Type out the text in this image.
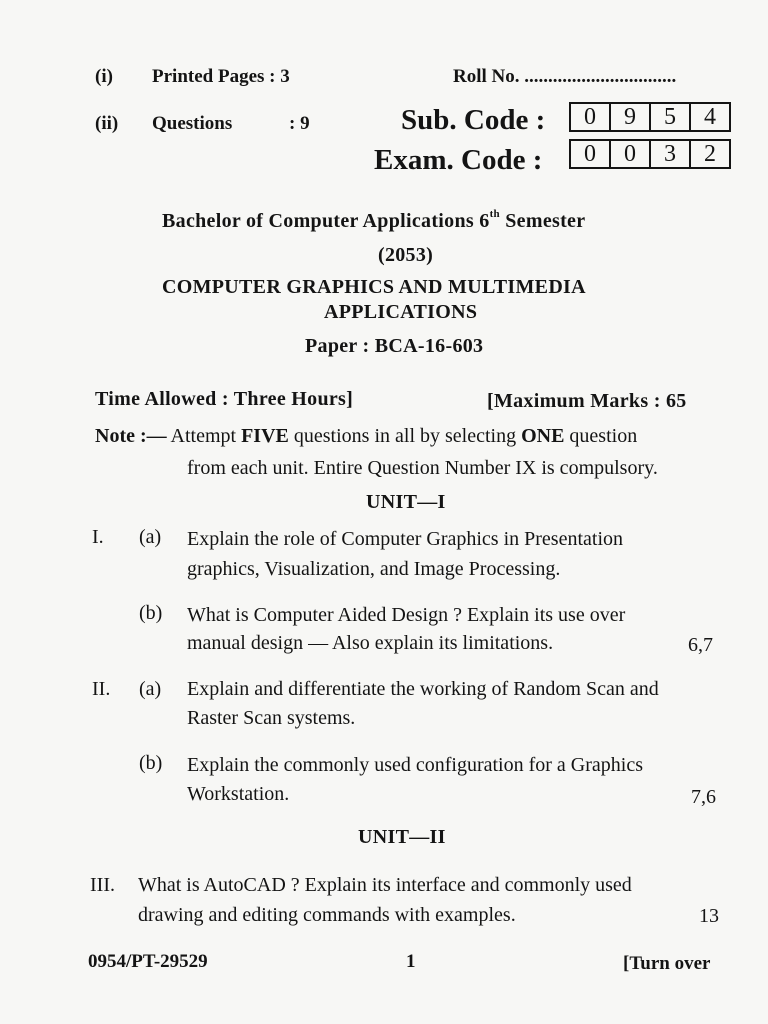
(i) Printed Pages : 3
(ii) Questions	: 9
Roll No. ................................
Sub. Code :	0	9	5	4
Exam. Code :	0	0	3	2
Bachelor of Computer Applications 6th Semester
(2053)
COMPUTER GRAPHICS AND MULTIMEDIA
APPLICATIONS
Paper : BCA-16-603
Time Allowed : Three Hours]	[Maximum Marks : 65
Note :— Attempt FIVE questions in all by selecting ONE question
from each unit. Entire Question Number IX is compulsory.
UNIT—I
I. (a) Explain the role of Computer Graphics in Presentation
graphics, Visualization, and Image Processing.
(b) What is Computer Aided Design ? Explain its use over
manual design — Also explain its limitations.	6,7
II. (a) Explain and differentiate the working of Random Scan and
Raster Scan systems.
(b) Explain the commonly used configuration for a Graphics
Workstation.	7,6
UNIT—II
III. What is AutoCAD ? Explain its interface and commonly used
drawing and editing commands with examples.	13
0954/PT-29529	1	[Turn over
